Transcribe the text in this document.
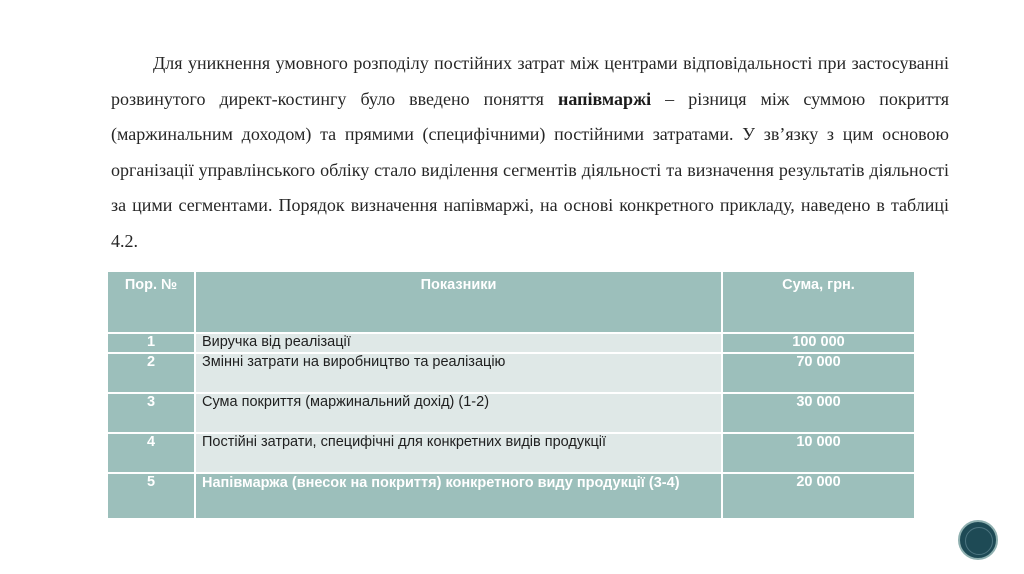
Для уникнення умовного розподілу постійних затрат між центрами відповідальності при застосуванні розвинутого директ-костингу було введено поняття напівмаржі – різниця між суммою покриття (маржинальним доходом) та прямими (специфічними) постійними затратами. У зв’язку з цим основою організації управлінського обліку стало виділення сегментів діяльності та визначення результатів діяльності за цими сегментами. Порядок визначення напівмаржі, на основі конкретного прикладу, наведено в таблиці 4.2.

Пор. №	Показники	Сума, грн.
1	Виручка від реалізації	100 000
2	Змінні затрати на виробництво та реалізацію	70 000
3	Сума покриття (маржинальний дохід) (1-2)	30 000
4	Постійні затрати, специфічні для конкретних видів продукції	10 000
5	Напівмаржа (внесок на покриття) конкретного виду продукції (3-4)	20 000
